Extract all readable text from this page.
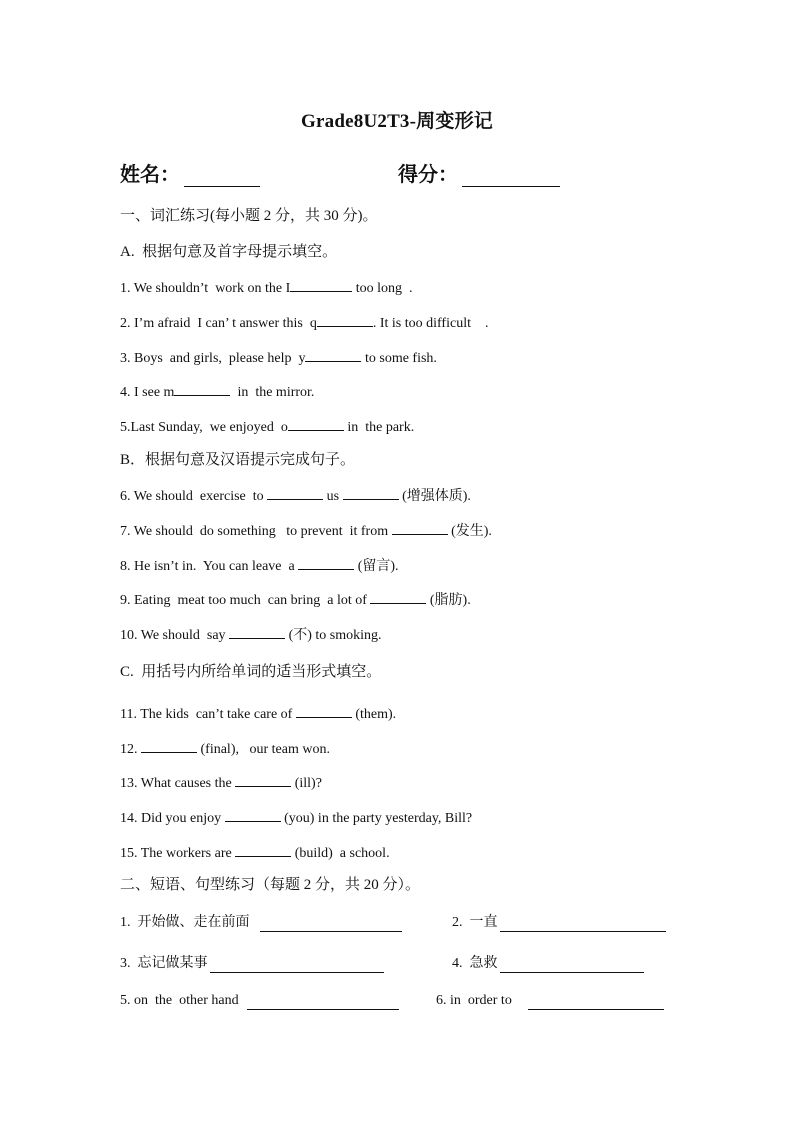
Grade8U2T3-周变形记
姓名：	得分：
一、词汇练习(每小题 2 分，共 30 分)。
A.  根据句意及首字母提示填空。
1. We shouldn’t  work on the I	too long  .
2. I’m afraid  I can’ t answer this  q	. It is too difficult    .
3. Boys  and girls,  please help  y	to some fish.
4. I see m	in  the mirror.
5.Last Sunday,  we enjoyed  o	in  the park.
B．根据句意及汉语提示完成句子。
6. We should  exercise  to	us	(增强体质).
7. We should  do something   to prevent  it from	(发生).
8. He isn’t in.  You can leave  a	(留言).
9. Eating  meat too much  can bring  a lot of	(脂肪).
10. We should  say	(不) to smoking.
C.  用括号内所给单词的适当形式填空。
11. The kids  can’t take care of	(them).
12.	(final),   our team won.
13. What causes the	(ill)?
14. Did you enjoy	(you) in the party yesterday, Bill?
15. The workers are	(build)  a school.
二、短语、句型练习（每题 2 分，共 20 分）。
1.  开始做、走在前面	2.  一直
3.  忘记做某事	4.  急救
5. on  the  other hand	6. in  order to
